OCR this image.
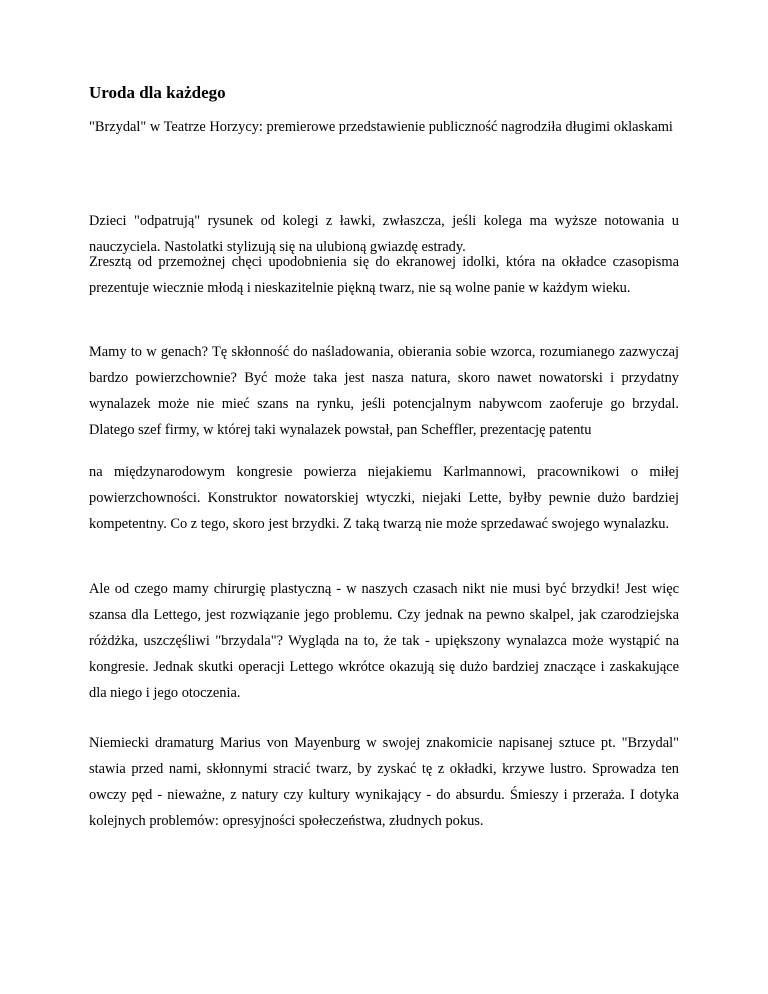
Uroda dla każdego

"Brzydal" w Teatrze Horzycy: premierowe przedstawienie publiczność nagrodziła długimi oklaskami

Dzieci "odpatrują" rysunek od kolegi z ławki, zwłaszcza, jeśli kolega ma wyższe notowania u nauczyciela. Nastolatki stylizują się na ulubioną gwiazdę estrady.

Zresztą od przemożnej chęci upodobnienia się do ekranowej idolki, która na okładce czasopisma prezentuje wiecznie młodą i nieskazitelnie piękną twarz, nie są wolne panie w każdym wieku.

Mamy to w genach? Tę skłonność do naśladowania, obierania sobie wzorca, rozumianego zazwyczaj bardzo powierzchownie? Być może taka jest nasza natura, skoro nawet nowatorski i przydatny wynalazek może nie mieć szans na rynku, jeśli potencjalnym nabywcom zaoferuje go brzydal. Dlatego szef firmy, w której taki wynalazek powstał, pan Scheffler, prezentację patentu

na międzynarodowym kongresie powierza niejakiemu Karlmannowi, pracownikowi o miłej powierzchowności. Konstruktor nowatorskiej wtyczki, niejaki Lette, byłby pewnie dużo bardziej kompetentny. Co z tego, skoro jest brzydki. Z taką twarzą nie może sprzedawać swojego wynalazku.

Ale od czego mamy chirurgię plastyczną - w naszych czasach nikt nie musi być brzydki! Jest więc szansa dla Lettego, jest rozwiązanie jego problemu. Czy jednak na pewno skalpel, jak czarodziejska różdżka, uszczęśliwi "brzydala"? Wygląda na to, że tak - upiększony wynalazca może wystąpić na kongresie. Jednak skutki operacji Lettego wkrótce okazują się dużo bardziej znaczące i zaskakujące dla niego i jego otoczenia.

Niemiecki dramaturg Marius von Mayenburg w swojej znakomicie napisanej sztuce pt. "Brzydal" stawia przed nami, skłonnymi stracić twarz, by zyskać tę z okładki, krzywe lustro. Sprowadza ten owczy pęd - nieważne, z natury czy kultury wynikający - do absurdu. Śmieszy i przeraża. I dotyka kolejnych problemów: opresyjności społeczeństwa, złudnych pokus.
